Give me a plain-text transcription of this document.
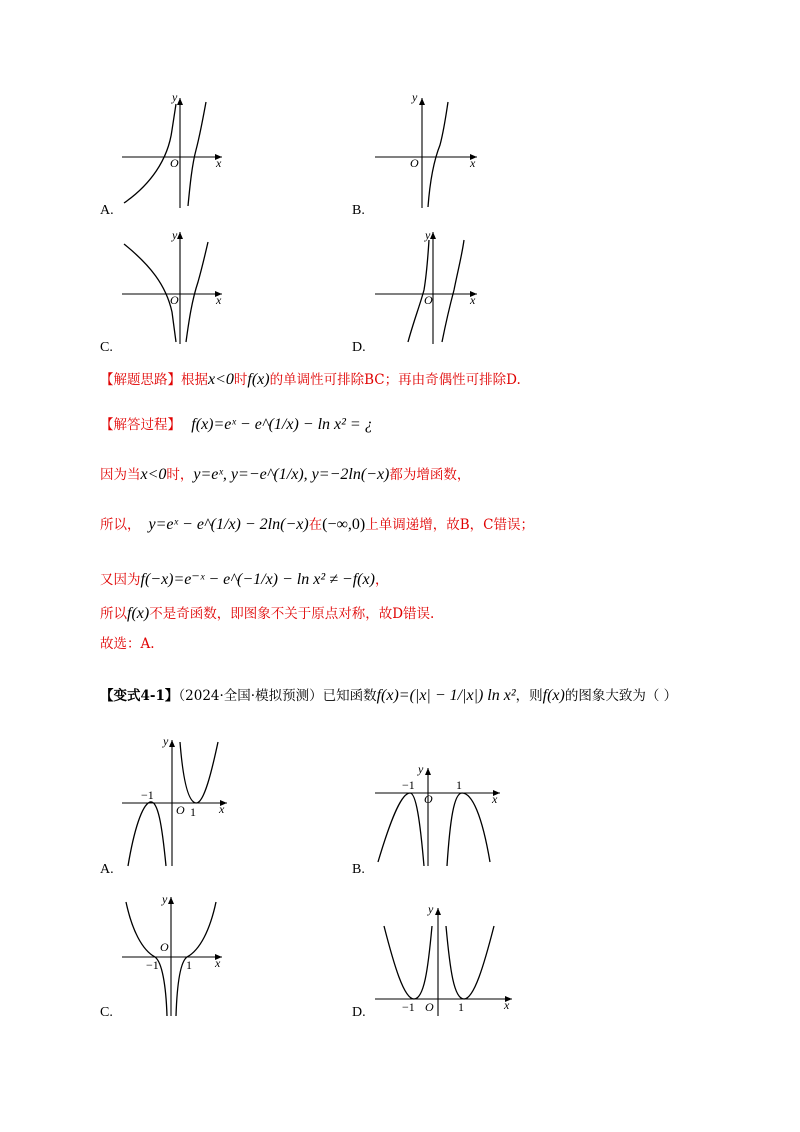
y
x
O
y
x
O
y
x
O
y
x
O
A.	B.
C.	D.
【解题思路】根据x<0时f(x)的单调性可排除BC；再由奇偶性可排除D.
【解答过程】 f(x)=eˣ − e^(1/x) − ln x² = ¿
因为当x<0时，y=eˣ, y=−e^(1/x), y=−2ln(−x)都为增函数，
所以， y=eˣ − e^(1/x) − 2ln(−x)在(−∞,0)上单调递增，故B，C错误；
又因为f(−x)=e⁻ˣ − e^(−1/x) − ln x² ≠ −f(x)，
所以f(x)不是奇函数，即图象不关于原点对称，故D错误.
故选：A.
【变式4-1】（2024·全国·模拟预测）已知函数f(x)=(|x| − 1/|x|) ln x²，则f(x)的图象大致为（ ）
y
x
O
−1
1
y
x
O
−1	1
y
x
O
−1 1
y
x
O
−1	1
A.	B.
C.	D.
